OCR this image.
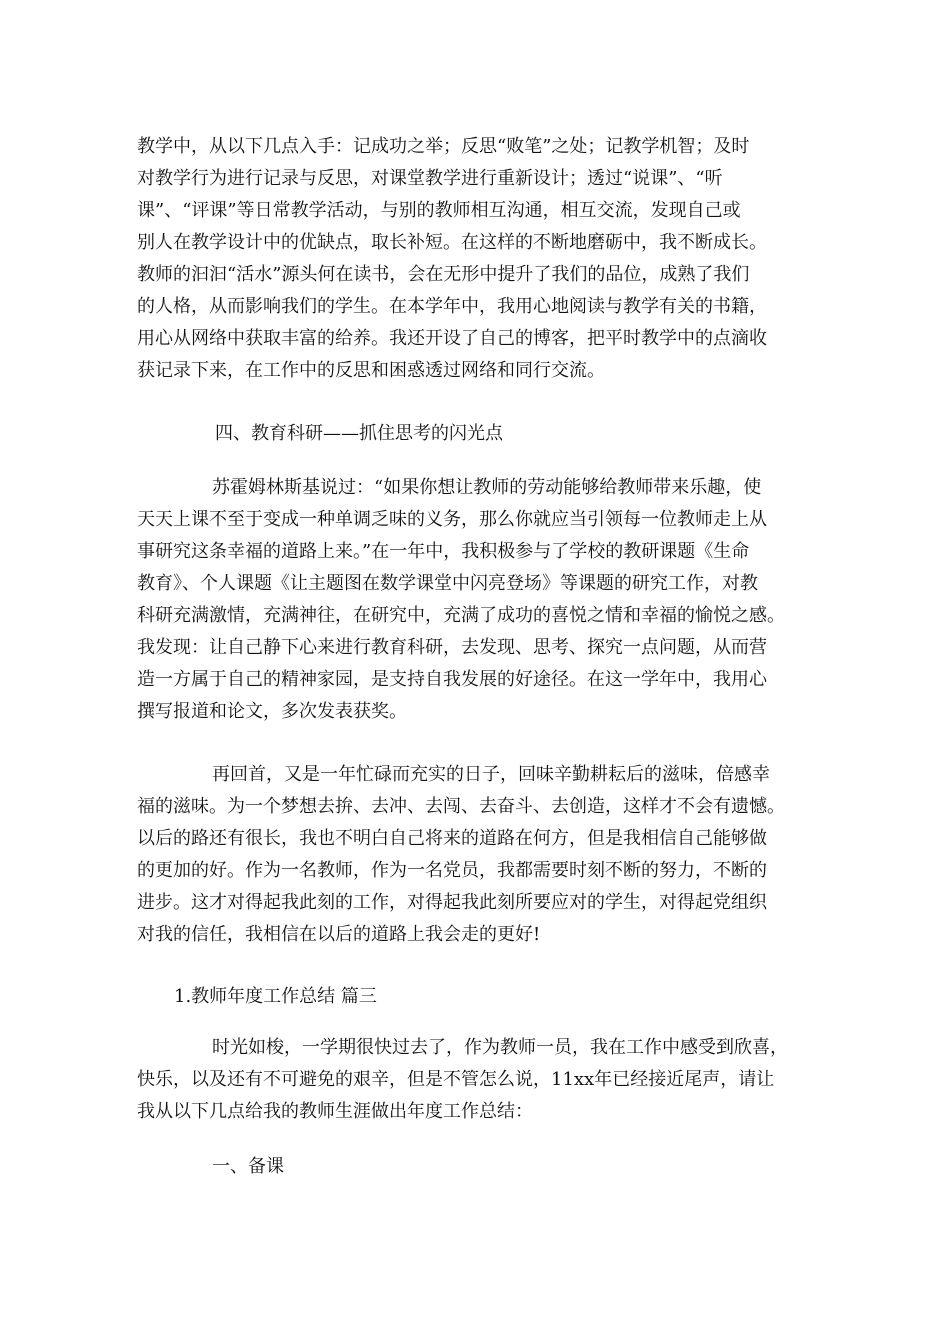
教学中，从以下几点入手：记成功之举；反思“败笔”之处；记教学机智；及时
对教学行为进行记录与反思，对课堂教学进行重新设计；透过“说课”、“听
课”、“评课”等日常教学活动，与别的教师相互沟通，相互交流，发现自己或
别人在教学设计中的优缺点，取长补短。在这样的不断地磨砺中，我不断成长。
教师的汩汩“活水”源头何在读书，会在无形中提升了我们的品位，成熟了我们
的人格，从而影响我们的学生。在本学年中，我用心地阅读与教学有关的书籍，
用心从网络中获取丰富的给养。我还开设了自己的博客，把平时教学中的点滴收
获记录下来，在工作中的反思和困惑透过网络和同行交流。
四、教育科研——抓住思考的闪光点
苏霍姆林斯基说过：“如果你想让教师的劳动能够给教师带来乐趣，使
天天上课不至于变成一种单调乏味的义务，那么你就应当引领每一位教师走上从
事研究这条幸福的道路上来。”在一年中，我积极参与了学校的教研课题《生命
教育》、个人课题《让主题图在数学课堂中闪亮登场》等课题的研究工作，对教
科研充满激情，充满神往，在研究中，充满了成功的喜悦之情和幸福的愉悦之感。
我发现：让自己静下心来进行教育科研，去发现、思考、探究一点问题，从而营
造一方属于自己的精神家园，是支持自我发展的好途径。在这一学年中，我用心
撰写报道和论文，多次发表获奖。
再回首，又是一年忙碌而充实的日子，回味辛勤耕耘后的滋味，倍感幸
福的滋味。为一个梦想去拚、去冲、去闯、去奋斗、去创造，这样才不会有遗憾。
以后的路还有很长，我也不明白自己将来的道路在何方，但是我相信自己能够做
的更加的好。作为一名教师，作为一名党员，我都需要时刻不断的努力，不断的
进步。这才对得起我此刻的工作，对得起我此刻所要应对的学生，对得起党组织
对我的信任，我相信在以后的道路上我会走的更好!
1.教师年度工作总结 篇三
时光如梭，一学期很快过去了，作为教师一员，我在工作中感受到欣喜，
快乐，以及还有不可避免的艰辛，但是不管怎么说，11xx年已经接近尾声，请让
我从以下几点给我的教师生涯做出年度工作总结：
一、备课
